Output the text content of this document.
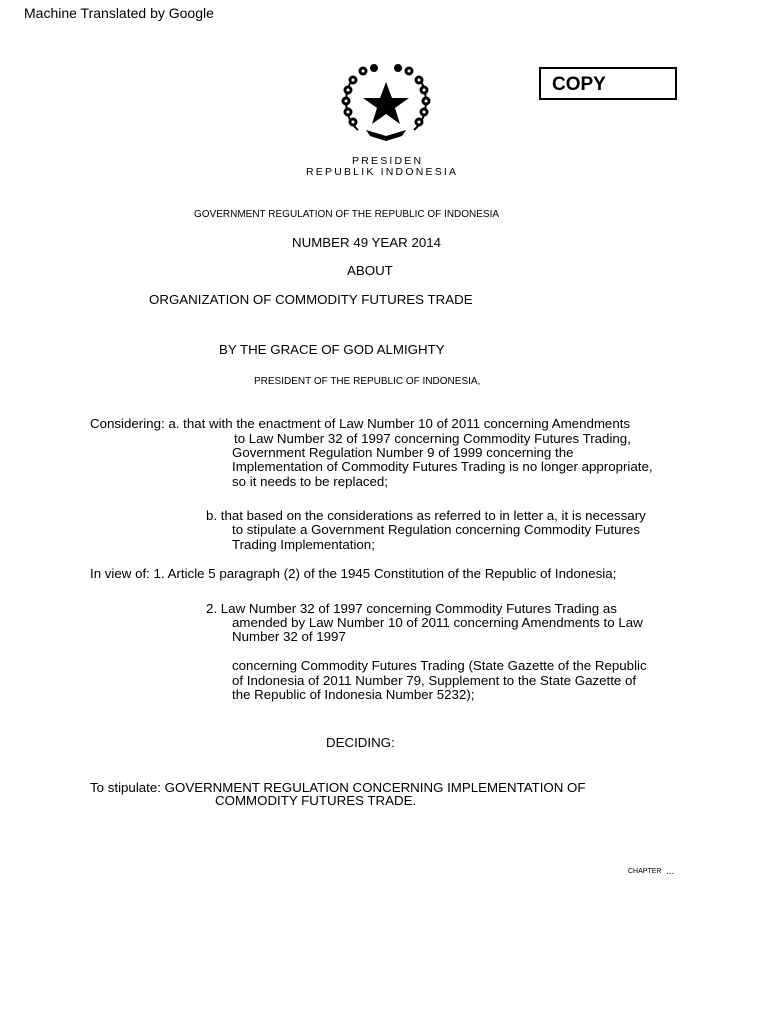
Machine Translated by Google
COPY
PRESIDEN
REPUBLIK INDONESIA
GOVERNMENT REGULATION OF THE REPUBLIC OF INDONESIA
NUMBER 49 YEAR 2014
ABOUT
ORGANIZATION OF COMMODITY FUTURES TRADE
BY THE GRACE OF GOD ALMIGHTY
PRESIDENT OF THE REPUBLIC OF INDONESIA,
Considering: a. that with the enactment of Law Number 10 of 2011 concerning Amendments
to Law Number 32 of 1997 concerning Commodity Futures Trading,
Government Regulation Number 9 of 1999 concerning the
Implementation of Commodity Futures Trading is no longer appropriate,
so it needs to be replaced;
b. that based on the considerations as referred to in letter a, it is necessary
to stipulate a Government Regulation concerning Commodity Futures
Trading Implementation;
In view of: 1. Article 5 paragraph (2) of the 1945 Constitution of the Republic of Indonesia;
2. Law Number 32 of 1997 concerning Commodity Futures Trading as
amended by Law Number 10 of 2011 concerning Amendments to Law
Number 32 of 1997
concerning Commodity Futures Trading (State Gazette of the Republic
of Indonesia of 2011 Number 79, Supplement to the State Gazette of
the Republic of Indonesia Number 5232);
DECIDING:
To stipulate: GOVERNMENT REGULATION CONCERNING IMPLEMENTATION OF
COMMODITY FUTURES TRADE.
CHAPTER ...
